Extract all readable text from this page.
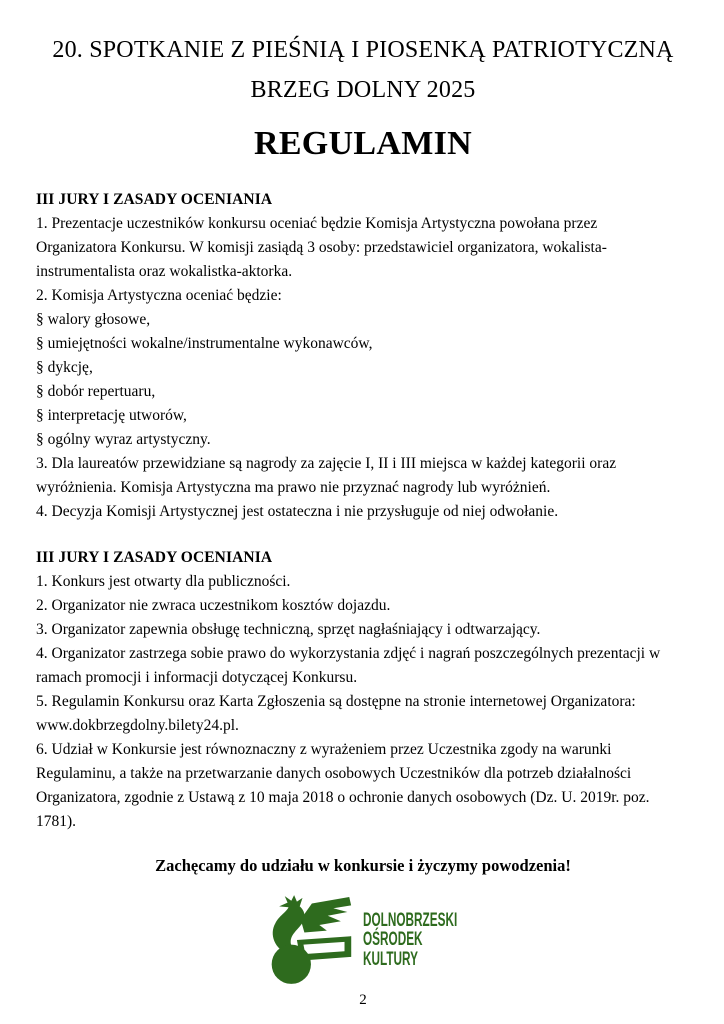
20. SPOTKANIE Z PIEŚNIĄ I PIOSENKĄ PATRIOTYCZNĄ
BRZEG DOLNY 2025
REGULAMIN
III JURY I ZASADY OCENIANIA

1. Prezentacje uczestników konkursu oceniać będzie Komisja Artystyczna powołana przez Organizatora Konkursu. W komisji zasiądą 3 osoby: przedstawiciel organizatora, wokalista-instrumentalista oraz wokalistka-aktorka.

2. Komisja Artystyczna oceniać będzie:

§ walory głosowe,

§ umiejętności wokalne/instrumentalne wykonawców,

§ dykcję,

§ dobór repertuaru,

§ interpretację utworów,

§ ogólny wyraz artystyczny.

3. Dla laureatów przewidziane są nagrody za zajęcie I, II i III miejsca w każdej kategorii oraz wyróżnienia. Komisja Artystyczna ma prawo nie przyznać nagrody lub wyróżnień.

4. Decyzja Komisji Artystycznej jest ostateczna i nie przysługuje od niej odwołanie.

III JURY I ZASADY OCENIANIA

1. Konkurs jest otwarty dla publiczności.

2. Organizator nie zwraca uczestnikom kosztów dojazdu.

3. Organizator zapewnia obsługę techniczną, sprzęt nagłaśniający i odtwarzający.

4. Organizator zastrzega sobie prawo do wykorzystania zdjęć i nagrań poszczególnych prezentacji w ramach promocji i informacji dotyczącej Konkursu.

5. Regulamin Konkursu oraz Karta Zgłoszenia są dostępne na stronie internetowej Organizatora: www.dokbrzegdolny.bilety24.pl.

6. Udział w Konkursie jest równoznaczny z wyrażeniem przez Uczestnika zgody na warunki Regulaminu, a także na przetwarzanie danych osobowych Uczestników dla potrzeb działalności Organizatora, zgodnie z Ustawą z 10 maja 2018 o ochronie danych osobowych (Dz. U. 2019r. poz. 1781).

Zachęcamy do udziału w konkursie i życzymy powodzenia!
DOLNOBRZESKI
OŚRODEK
KULTURY
2
